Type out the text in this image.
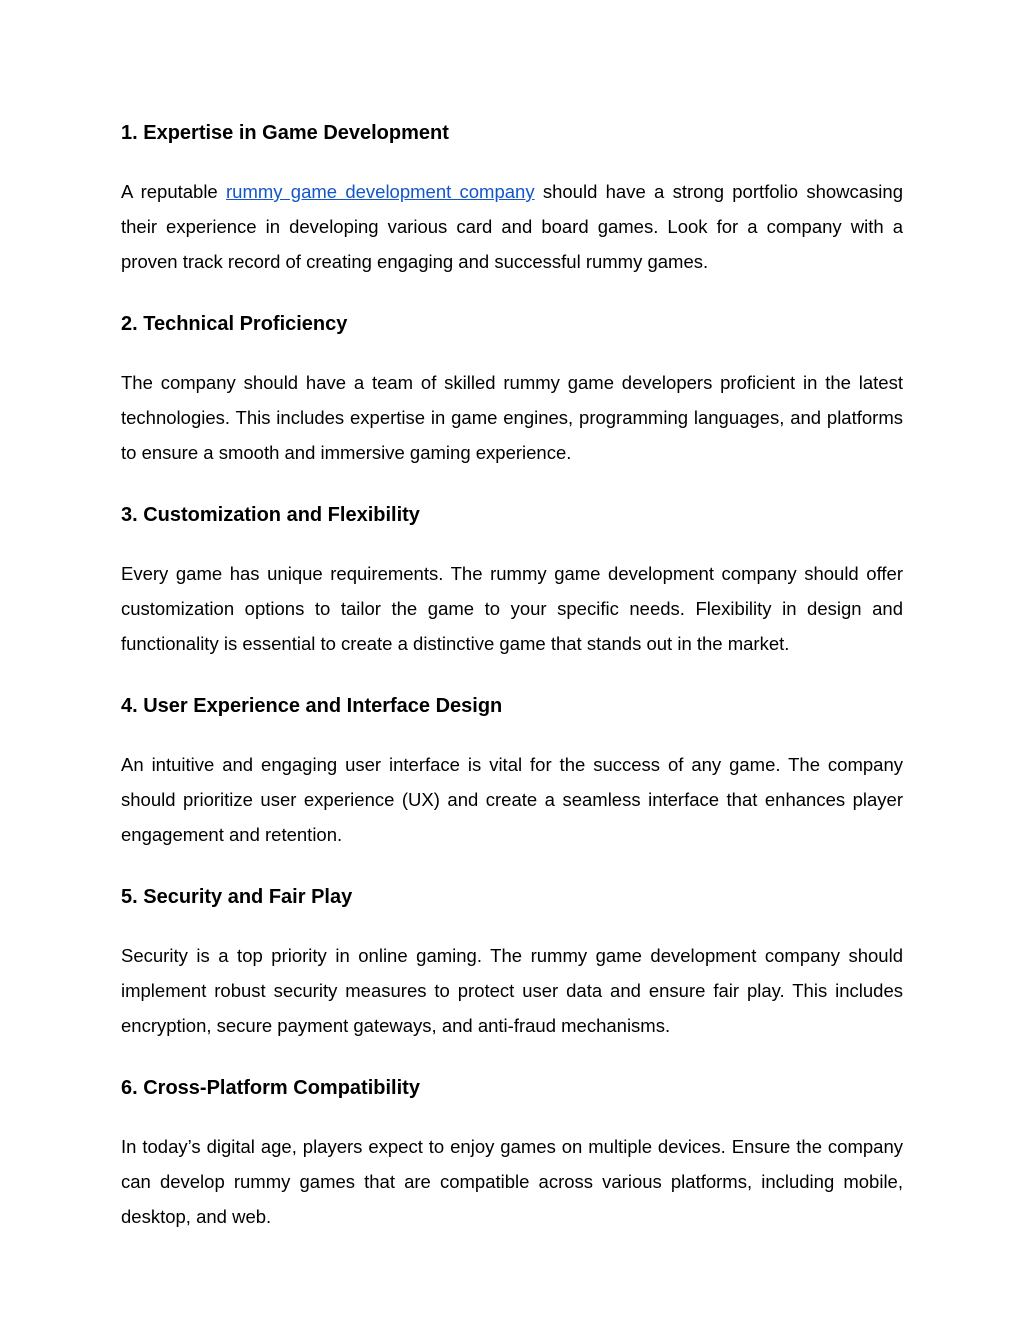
1. Expertise in Game Development

A reputable rummy game development company should have a strong portfolio showcasing their experience in developing various card and board games. Look for a company with a proven track record of creating engaging and successful rummy games.

2. Technical Proficiency

The company should have a team of skilled rummy game developers proficient in the latest technologies. This includes expertise in game engines, programming languages, and platforms to ensure a smooth and immersive gaming experience.

3. Customization and Flexibility

Every game has unique requirements. The rummy game development company should offer customization options to tailor the game to your specific needs. Flexibility in design and functionality is essential to create a distinctive game that stands out in the market.

4. User Experience and Interface Design

An intuitive and engaging user interface is vital for the success of any game. The company should prioritize user experience (UX) and create a seamless interface that enhances player engagement and retention.

5. Security and Fair Play

Security is a top priority in online gaming. The rummy game development company should implement robust security measures to protect user data and ensure fair play. This includes encryption, secure payment gateways, and anti-fraud mechanisms.

6. Cross-Platform Compatibility

In today’s digital age, players expect to enjoy games on multiple devices. Ensure the company can develop rummy games that are compatible across various platforms, including mobile, desktop, and web.
